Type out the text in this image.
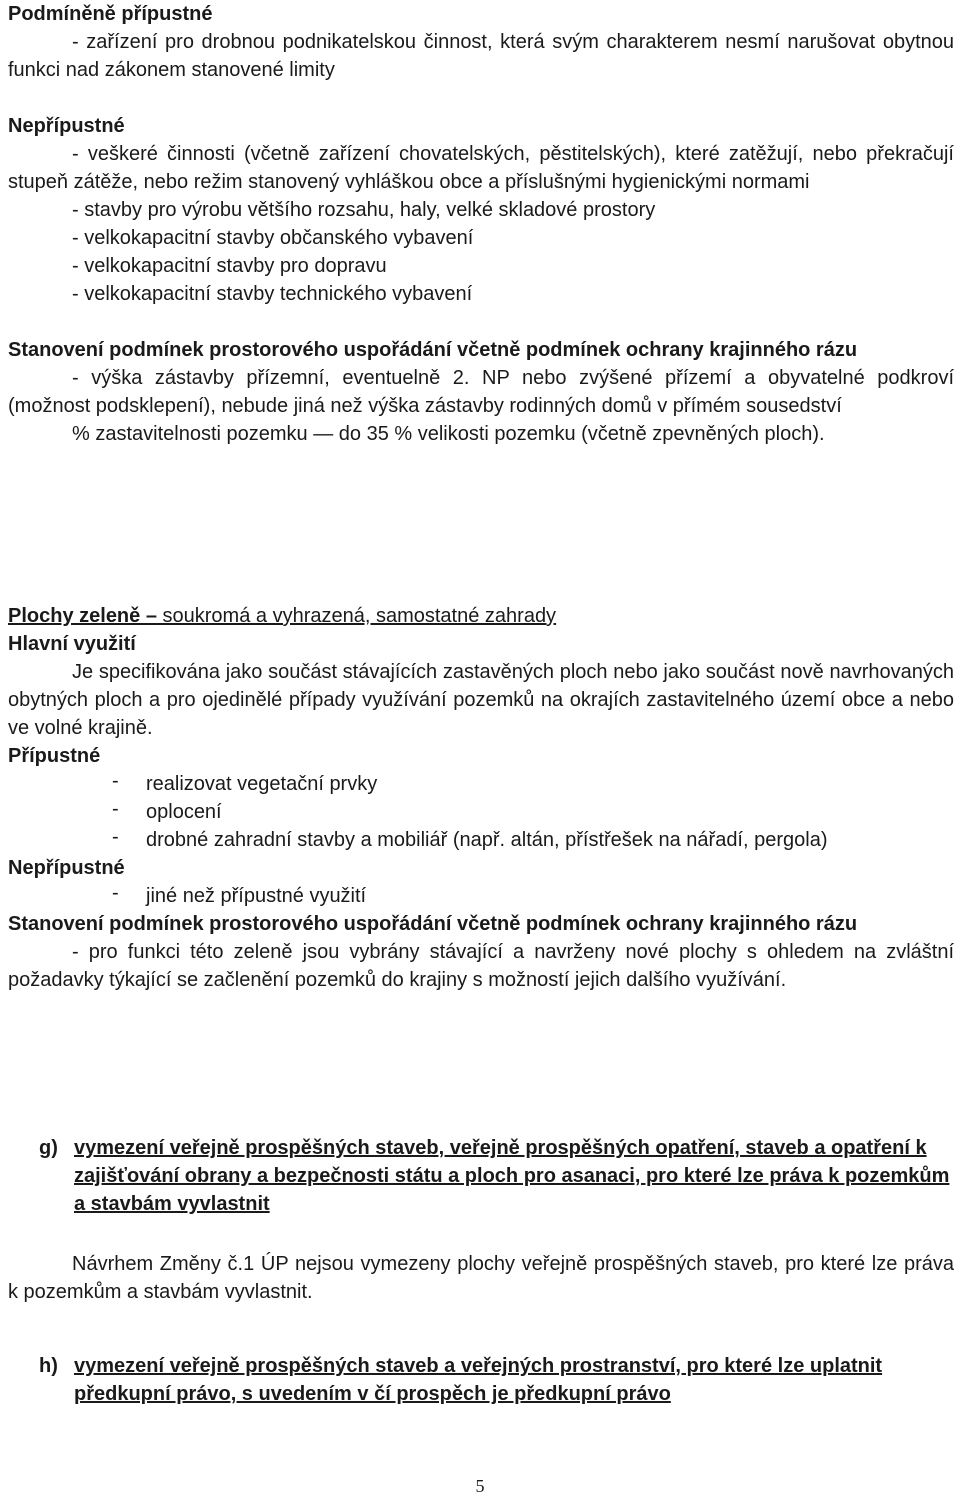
Podmíněně přípustné

- zařízení pro drobnou podnikatelskou činnost, která svým charakterem nesmí narušovat obytnou funkci nad zákonem stanovené limity

Nepřípustné

- veškeré činnosti (včetně zařízení chovatelských, pěstitelských), které zatěžují, nebo překračují stupeň zátěže, nebo režim stanovený vyhláškou obce a příslušnými hygienickými normami

- stavby pro výrobu většího rozsahu, haly, velké skladové prostory

- velkokapacitní stavby občanského vybavení

- velkokapacitní stavby pro dopravu

- velkokapacitní stavby technického vybavení

Stanovení podmínek prostorového uspořádání včetně podmínek ochrany krajinného rázu

- výška zástavby přízemní, eventuelně 2. NP nebo zvýšené přízemí a obyvatelné podkroví (možnost podsklepení), nebude jiná než výška zástavby rodinných domů v přímém sousedství

% zastavitelnosti pozemku — do 35 % velikosti pozemku (včetně zpevněných ploch).

Plochy zeleně – soukromá a vyhrazená, samostatné zahrady

Hlavní využití

Je specifikována jako součást stávajících zastavěných ploch nebo jako součást nově navrhovaných obytných ploch a pro ojedinělé případy využívání pozemků na okrajích zastavitelného území obce a nebo ve volné krajině.

Přípustné

- realizovat vegetační prvky

- oplocení

- drobné zahradní stavby a mobiliář (např. altán, přístřešek na nářadí, pergola)

Nepřípustné

- jiné než přípustné využití

Stanovení podmínek prostorového uspořádání včetně podmínek ochrany krajinného rázu

- pro funkci této zeleně jsou vybrány stávající a navrženy nové plochy s ohledem na zvláštní požadavky týkající se začlenění pozemků do krajiny s možností jejich dalšího využívání.

g) vymezení veřejně prospěšných staveb, veřejně prospěšných opatření, staveb a opatření k zajišťování obrany a bezpečnosti státu a ploch pro asanaci, pro které lze práva k pozemkům a stavbám vyvlastnit

Návrhem Změny č.1 ÚP nejsou vymezeny plochy veřejně prospěšných staveb, pro které lze práva k pozemkům a stavbám vyvlastnit.

h) vymezení veřejně prospěšných staveb a veřejných prostranství, pro které lze uplatnit předkupní právo, s uvedením v čí prospěch je předkupní právo
5
